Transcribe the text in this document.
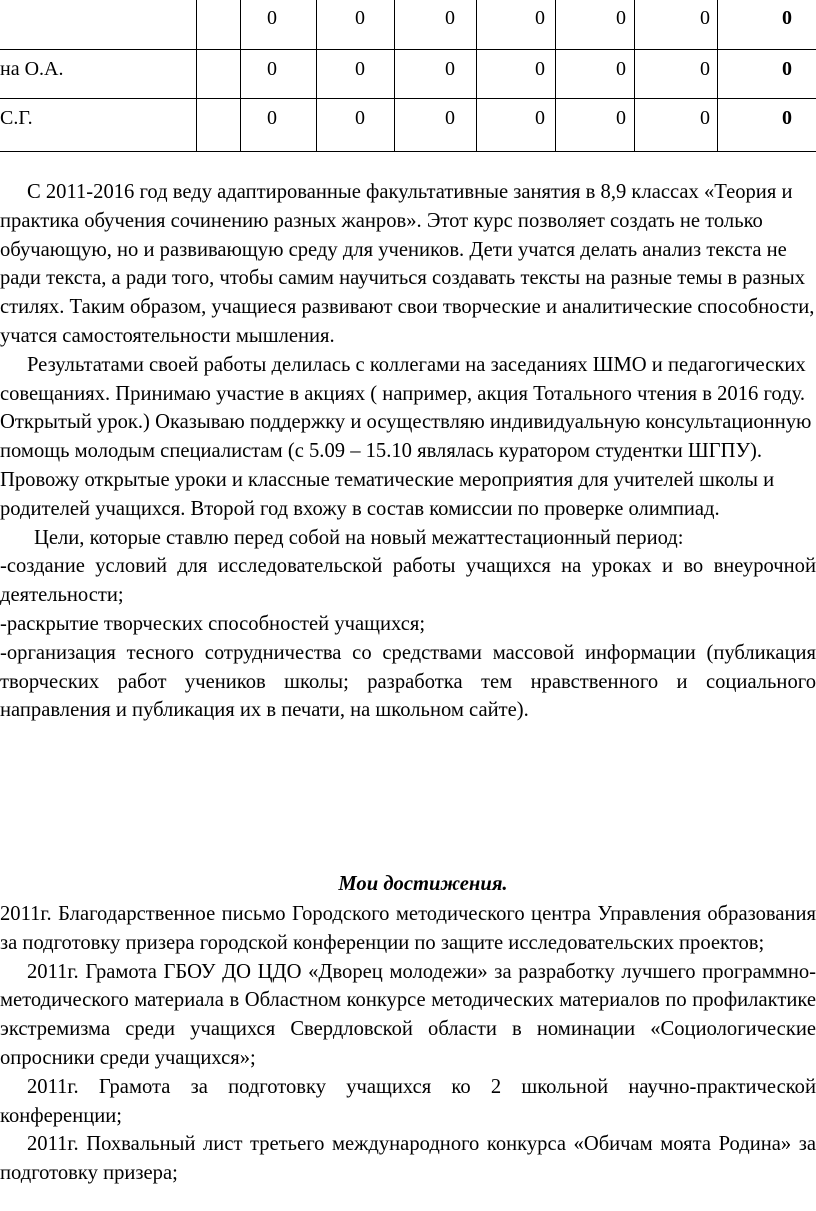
0	0	0	0	0	0	0
на О.А.	0	0	0	0	0	0	0
С.Г.	0	0	0	0	0	0	0

С 2011-2016 год веду адаптированные факультативные занятия в 8,9 классах «Теория и практика обучения сочинению разных жанров». Этот курс позволяет создать не только обучающую, но и развивающую среду для учеников. Дети учатся делать анализ текста не ради текста, а ради того, чтобы самим научиться создавать тексты на разные темы в разных стилях. Таким образом, учащиеся развивают свои творческие и аналитические способности, учатся самостоятельности мышления.

Результатами своей работы делилась с коллегами на заседаниях ШМО и педагогических совещаниях. Принимаю участие в акциях ( например, акция Тотального чтения в 2016 году. Открытый урок.) Оказываю поддержку и осуществляю индивидуальную консультационную помощь молодым специалистам (с 5.09 – 15.10 являлась куратором студентки ШГПУ). Провожу открытые уроки и классные тематические мероприятия для учителей школы и родителей учащихся. Второй год вхожу в состав комиссии по проверке олимпиад.

Цели, которые ставлю перед собой на новый межаттестационный период:

-создание условий для исследовательской работы учащихся на уроках и во внеурочной деятельности;

-раскрытие творческих способностей учащихся;

-организация тесного сотрудничества со средствами массовой информации (публикация творческих работ учеников школы; разработка тем нравственного и социального направления и публикация их в печати, на школьном сайте).

Мои достижения.

2011г. Благодарственное письмо Городского методического центра Управления образования за подготовку призера городской конференции по защите исследовательских проектов;

2011г. Грамота ГБОУ ДО ЦДО «Дворец молодежи» за разработку лучшего программно-методического материала в Областном конкурсе методических материалов по профилактике экстремизма среди учащихся Свердловской области в номинации «Социологические опросники среди учащихся»;

2011г. Грамота за подготовку учащихся ко 2 школьной научно-практической конференции;

2011г. Похвальный лист третьего международного конкурса «Обичам моята Родина» за подготовку призера;
